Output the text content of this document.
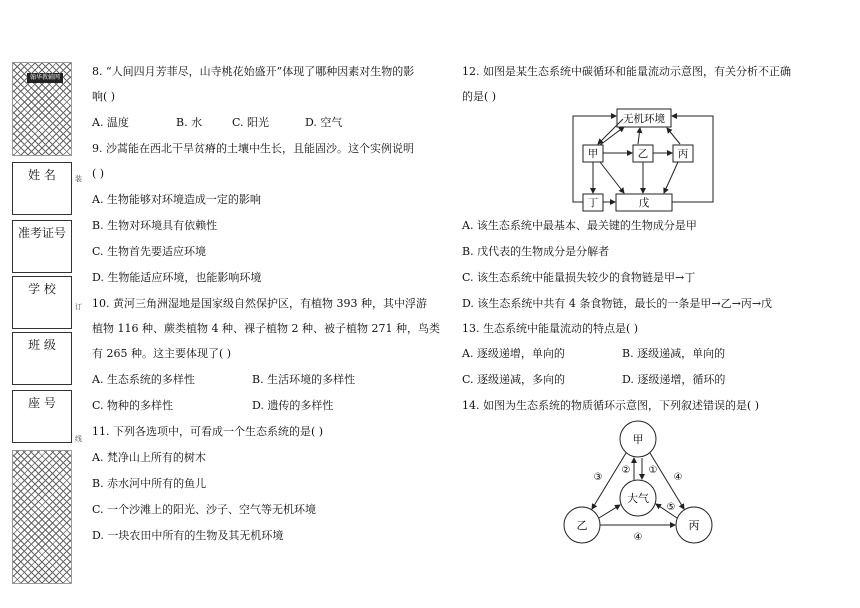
翰华教辅网
姓 名
准考证号
学 校
班 级
座 号
装
订
线
8. “人间四月芳菲尽，山寺桃花始盛开”体现了哪种因素对生物的影
响( )
A. 温度	B. 水	C. 阳光	D. 空气
9. 沙蒿能在西北干旱贫瘠的土壤中生长，且能固沙。这个实例说明
( )
A. 生物能够对环境造成一定的影响
B. 生物对环境具有依赖性
C. 生物首先要适应环境
D. 生物能适应环境，也能影响环境
10. 黄河三角洲湿地是国家级自然保护区，有植物 393 种，其中浮游
植物 116 种、蕨类植物 4 种、裸子植物 2 种、被子植物 271 种，鸟类
有 265 种。这主要体现了( )
A. 生态系统的多样性	B. 生活环境的多样性
C. 物种的多样性	D. 遗传的多样性
11. 下列各选项中，可看成一个生态系统的是( )
A. 梵净山上所有的树木
B. 赤水河中所有的鱼儿
C. 一个沙滩上的阳光、沙子、空气等无机环境
D. 一块农田中所有的生物及其无机环境
12. 如图是某生态系统中碳循环和能量流动示意图，有关分析不正确
的是( )
无机环境
甲	乙	丙
丁	戊
A. 该生态系统中最基本、最关键的生物成分是甲
B. 戊代表的生物成分是分解者
C. 该生态系统中能量损失较少的食物链是甲→丁
D. 该生态系统中共有 4 条食物链，最长的一条是甲→乙→丙→戊
13. 生态系统中能量流动的特点是( )
A. 逐级递增，单向的	B. 逐级递减，单向的
C. 逐级递减，多向的	D. 逐级递增，循环的
14. 如图为生态系统的物质循环示意图，下列叙述错误的是( )
甲
大气
乙	丙
①
②
③	④
④
⑤
